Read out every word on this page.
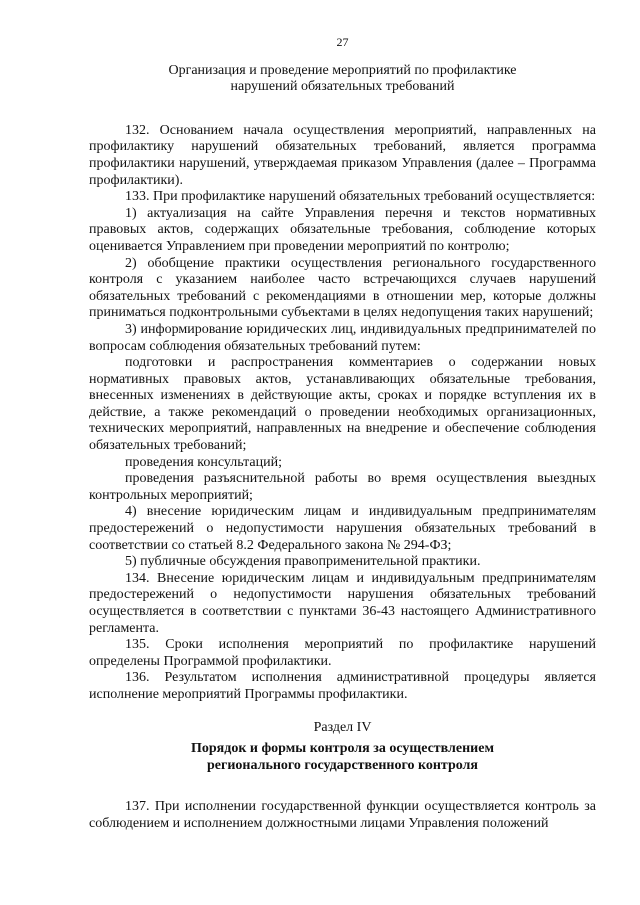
27
Организация и проведение мероприятий по профилактике
нарушений обязательных требований

132. Основанием начала осуществления мероприятий, направленных на профилактику нарушений обязательных требований, является программа профилактики нарушений, утверждаемая приказом Управления (далее – Программа профилактики).

133. При профилактике нарушений обязательных требований осуществляется:

1) актуализация на сайте Управления перечня и текстов нормативных правовых актов, содержащих обязательные требования, соблюдение которых оценивается Управлением при проведении мероприятий по контролю;

2) обобщение практики осуществления регионального государственного контроля с указанием наиболее часто встречающихся случаев нарушений обязательных требований с рекомендациями в отношении мер, которые должны приниматься подконтрольными субъектами в целях недопущения таких нарушений;

3) информирование юридических лиц, индивидуальных предпринимателей по вопросам соблюдения обязательных требований путем:

подготовки и распространения комментариев о содержании новых нормативных правовых актов, устанавливающих обязательные требования, внесенных изменениях в действующие акты, сроках и порядке вступления их в действие, а также рекомендаций о проведении необходимых организационных, технических мероприятий, направленных на внедрение и обеспечение соблюдения обязательных требований;

проведения консультаций;

проведения разъяснительной работы во время осуществления выездных контрольных мероприятий;

4) внесение юридическим лицам и индивидуальным предпринимателям предостережений о недопустимости нарушения обязательных требований в соответствии со статьей 8.2 Федерального закона № 294-ФЗ;

5) публичные обсуждения правоприменительной практики.

134. Внесение юридическим лицам и индивидуальным предпринимателям предостережений о недопустимости нарушения обязательных требований осуществляется в соответствии с пунктами 36-43 настоящего Административного регламента.

135. Сроки исполнения мероприятий по профилактике нарушений определены Программой профилактики.

136. Результатом исполнения административной процедуры является исполнение мероприятий Программы профилактики.

Раздел IV
Порядок и формы контроля за осуществлением
регионального государственного контроля

137. При исполнении государственной функции осуществляется контроль за соблюдением и исполнением должностными лицами Управления положений
